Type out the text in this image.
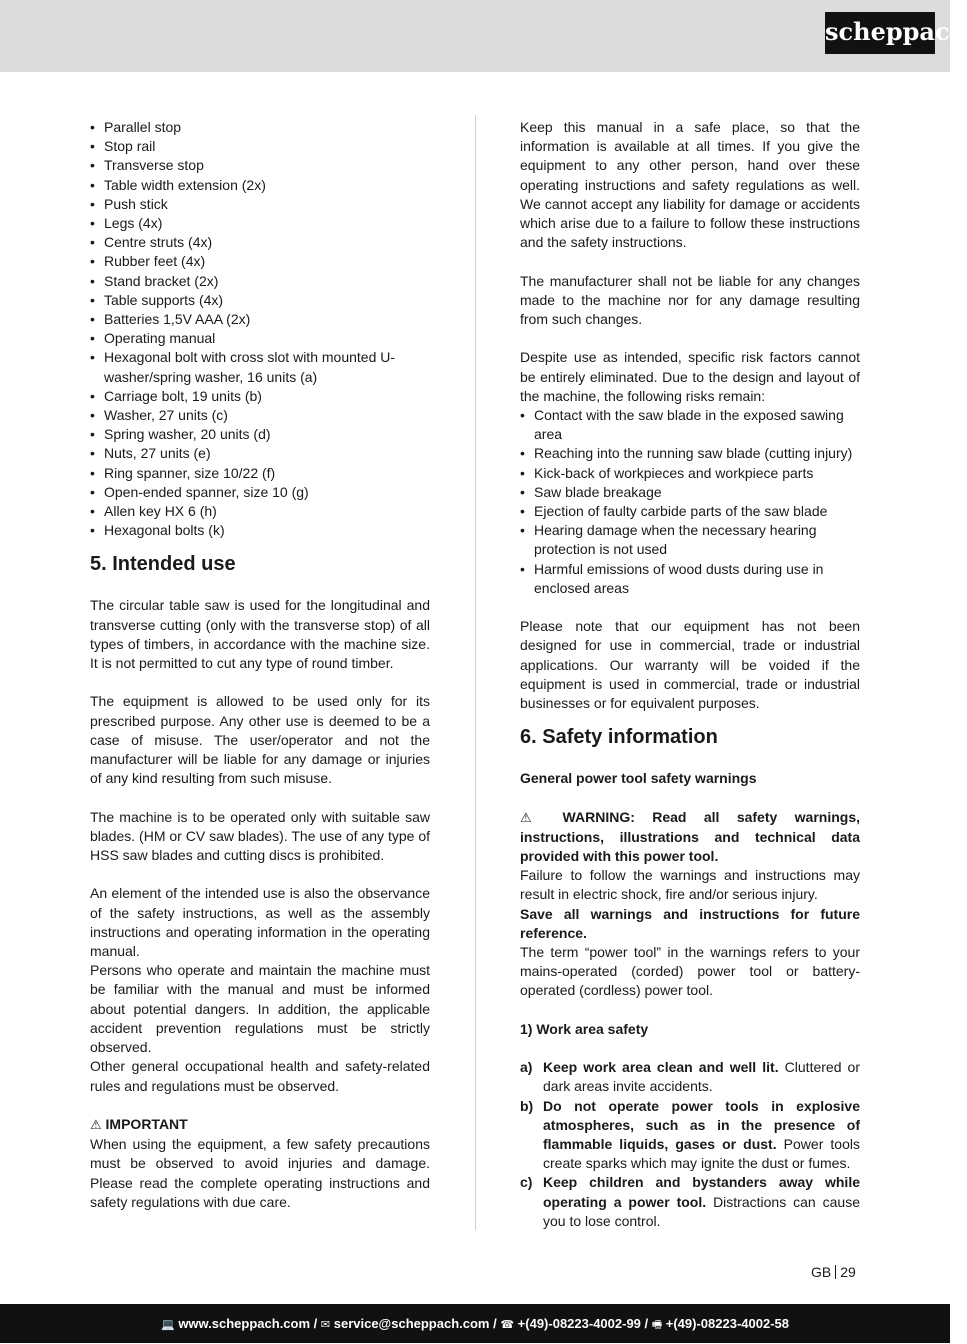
scheppach
• Parallel stop
• Stop rail
• Transverse stop
• Table width extension (2x)
• Push stick
• Legs (4x)
• Centre struts (4x)
• Rubber feet (4x)
• Stand bracket (2x)
• Table supports (4x)
• Batteries 1,5V AAA (2x)
• Operating manual
• Hexagonal bolt with cross slot with mounted U-washer/spring washer, 16 units (a)
• Carriage bolt, 19 units (b)
• Washer, 27 units (c)
• Spring washer, 20 units (d)
• Nuts, 27 units (e)
• Ring spanner, size 10/22 (f)
• Open-ended spanner, size 10 (g)
• Allen key HX 6 (h)
• Hexagonal bolts (k)
5. Intended use

The circular table saw is used for the longitudinal and transverse cutting (only with the transverse stop) of all types of timbers, in accordance with the machine size. It is not permitted to cut any type of round timber.

The equipment is allowed to be used only for its prescribed purpose. Any other use is deemed to be a case of misuse. The user/operator and not the manufacturer will be liable for any damage or injuries of any kind resulting from such misuse.

The machine is to be operated only with suitable saw blades. (HM or CV saw blades). The use of any type of HSS saw blades and cutting discs is prohibited.

An element of the intended use is also the observance of the safety instructions, as well as the assembly instructions and operating information in the operating manual.

Persons who operate and maintain the machine must be familiar with the manual and must be informed about potential dangers. In addition, the applicable accident prevention regulations must be strictly observed.

Other general occupational health and safety-related rules and regulations must be observed.

⚠ IMPORTANT

When using the equipment, a few safety precautions must be observed to avoid injuries and damage. Please read the complete operating instructions and safety regulations with due care.

Keep this manual in a safe place, so that the information is available at all times. If you give the equipment to any other person, hand over these operating instructions and safety regulations as well. We cannot accept any liability for damage or accidents which arise due to a failure to follow these instructions and the safety instructions.

The manufacturer shall not be liable for any changes made to the machine nor for any damage resulting from such changes.

Despite use as intended, specific risk factors cannot be entirely eliminated. Due to the design and layout of the machine, the following risks remain:

• Contact with the saw blade in the exposed sawing area
• Reaching into the running saw blade (cutting injury)
• Kick-back of workpieces and workpiece parts
• Saw blade breakage
• Ejection of faulty carbide parts of the saw blade
• Hearing damage when the necessary hearing protection is not used
• Harmful emissions of wood dusts during use in enclosed areas

Please note that our equipment has not been designed for use in commercial, trade or industrial applications. Our warranty will be voided if the equipment is used in commercial, trade or industrial businesses or for equivalent purposes.

6. Safety information

General power tool safety warnings

⚠ WARNING: Read all safety warnings, instructions, illustrations and technical data provided with this power tool.

Failure to follow the warnings and instructions may result in electric shock, fire and/or serious injury.

Save all warnings and instructions for future reference.

The term “power tool” in the warnings refers to your mains-operated (corded) power tool or battery-operated (cordless) power tool.

1) Work area safety

a) Keep work area clean and well lit. Cluttered or dark areas invite accidents.
b) Do not operate power tools in explosive atmospheres, such as in the presence of flammable liquids, gases or dust. Power tools create sparks which may ignite the dust or fumes.
c) Keep children and bystanders away while operating a power tool. Distractions can cause you to lose control.
GB 29
💻 www.scheppach.com / ✉ service@scheppach.com / ☎ +(49)-08223-4002-99 / 🖷 +(49)-08223-4002-58
